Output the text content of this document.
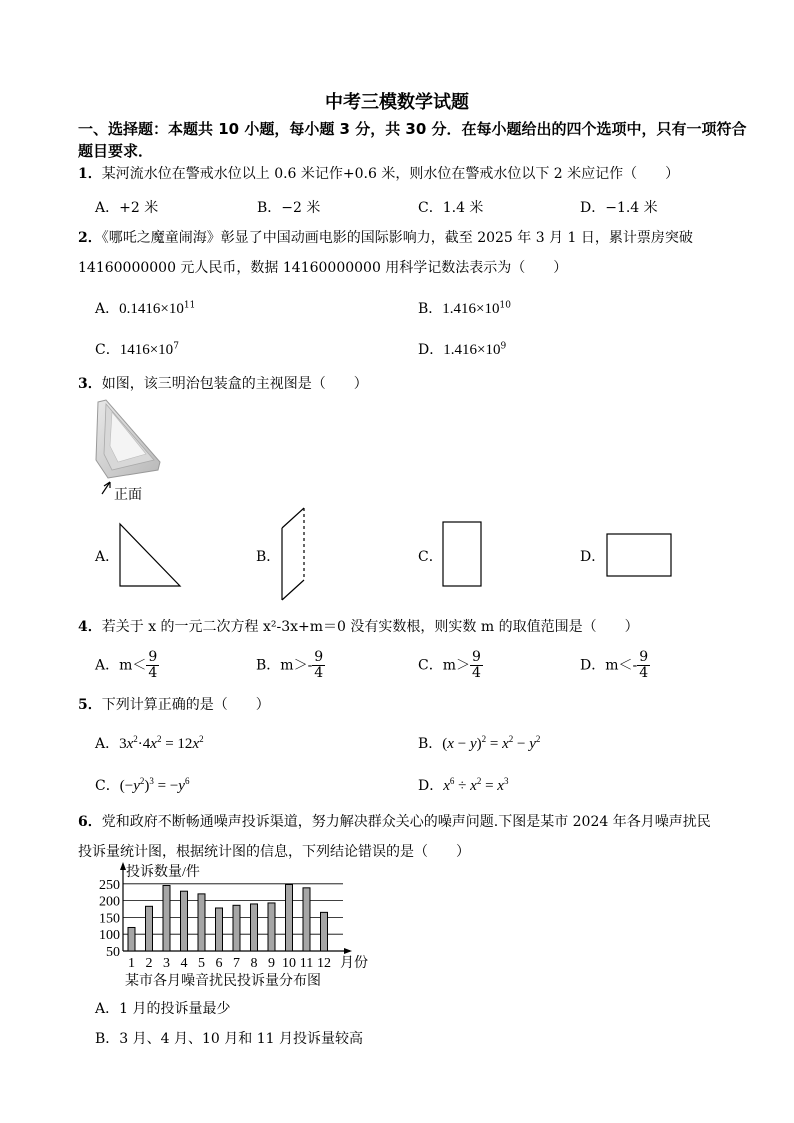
中考三模数学试题
一、选择题：本题共 10 小题，每小题 3 分，共 30 分．在每小题给出的四个选项中，只有一项符合题目要求．
1．某河流水位在警戒水位以上 0.6 米记作+0.6 米，则水位在警戒水位以下 2 米应记作（　　）
A．+2 米	B．−2 米	C．1.4 米	D．−1.4 米
2．《哪吒之魔童闹海》彰显了中国动画电影的国际影响力，截至 2025 年 3 月 1 日，累计票房突破
14160000000 元人民币，数据 14160000000 用科学记数法表示为（　　）
A．$0.1416\times 10^{11}$	B．$1.416\times 10^{10}$
C．$1416\times 10^7$	D．$1.416\times 10^9$
3．如图，该三明治包装盒的主视图是（　　）
正面
A．	B．	C．	D．
4．若关于 x 的一元二次方程 x²-3x+m＝0 没有实数根，则实数 m 的取值范围是（　　）
A．$m< \frac{9}{4}$	B．$m>- \frac{9}{4}$	C．$m> \frac{9}{4}$	D．$m<- \frac{9}{4}$
5．下列计算正确的是（　　）
A．$3x^2\cdot 4x^2 = 12x^2$	B．$(x - y)^2 = x^2 - y^2$
C．$(-y^2)^3 = -y^6$	D．$x^6 \div x^2 = x^3$
6．党和政府不断畅通噪声投诉渠道，努力解决群众关心的噪声问题.下图是某市 2024 年各月噪声扰民
投诉量统计图，根据统计图的信息，下列结论错误的是（　　）
250
200
150
100
50
1 2 3 4 5 6 7 8 9 10 11 12
投诉数量/件
月份
某市各月噪音扰民投诉量分布图
A．1 月的投诉量最少
B．3 月、4 月、10 月和 11 月投诉量较高
